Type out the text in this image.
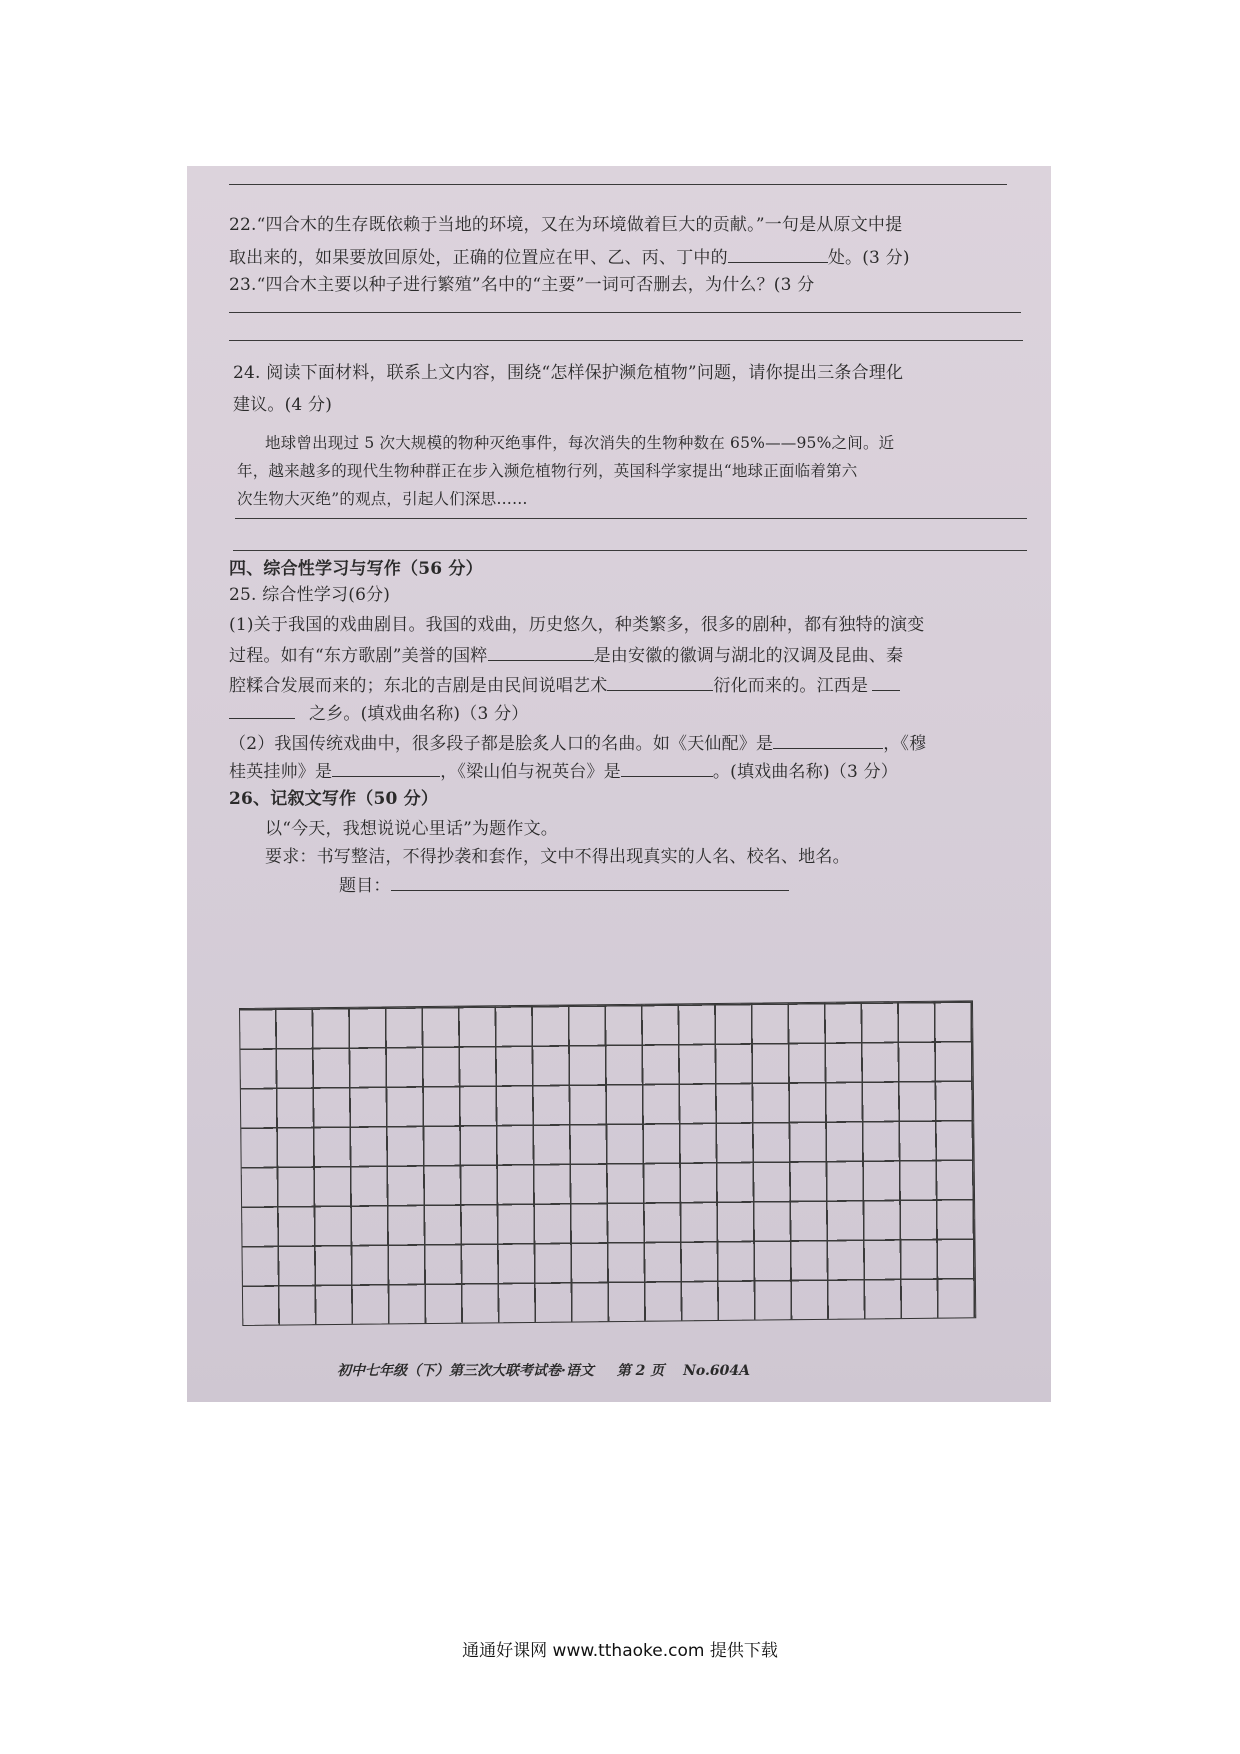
22.“四合木的生存既依赖于当地的环境，又在为环境做着巨大的贡献。”一句是从原文中提
取出来的，如果要放回原处，正确的位置应在甲、乙、丙、丁中的	处。(3 分)
23.“四合木主要以种子进行繁殖”名中的“主要”一词可否删去，为什么？(3 分
24. 阅读下面材料，联系上文内容，围绕“怎样保护濒危植物”问题，请你提出三条合理化
建议。(4 分)
地球曾出现过 5 次大规模的物种灭绝事件，每次消失的生物种数在 65%——95%之间。近
年，越来越多的现代生物种群正在步入濒危植物行列，英国科学家提出“地球正面临着第六
次生物大灭绝”的观点，引起人们深思……
四、综合性学习与写作（56 分）
25. 综合性学习(6分)
(1)关于我国的戏曲剧目。我国的戏曲，历史悠久，种类繁多，很多的剧种，都有独特的演变
过程。如有“东方歌剧”美誉的国粹	是由安徽的徽调与湖北的汉调及昆曲、秦
腔糅合发展而来的；东北的吉剧是由民间说唱艺术	衍化而来的。江西是
之乡。(填戏曲名称)（3 分）
（2）我国传统戏曲中，很多段子都是脍炙人口的名曲。如《天仙配》是	，《穆
桂英挂帅》是	，《梁山伯与祝英台》是	。(填戏曲名称)（3 分）
26、记叙文写作（50 分）
以“今天，我想说说心里话”为题作文。
要求：书写整洁，不得抄袭和套作，文中不得出现真实的人名、校名、地名。
题目：
初中七年级（下）第三次大联考试卷·语文 第 2 页 No.604A
通通好课网 www.tthaoke.com 提供下载
